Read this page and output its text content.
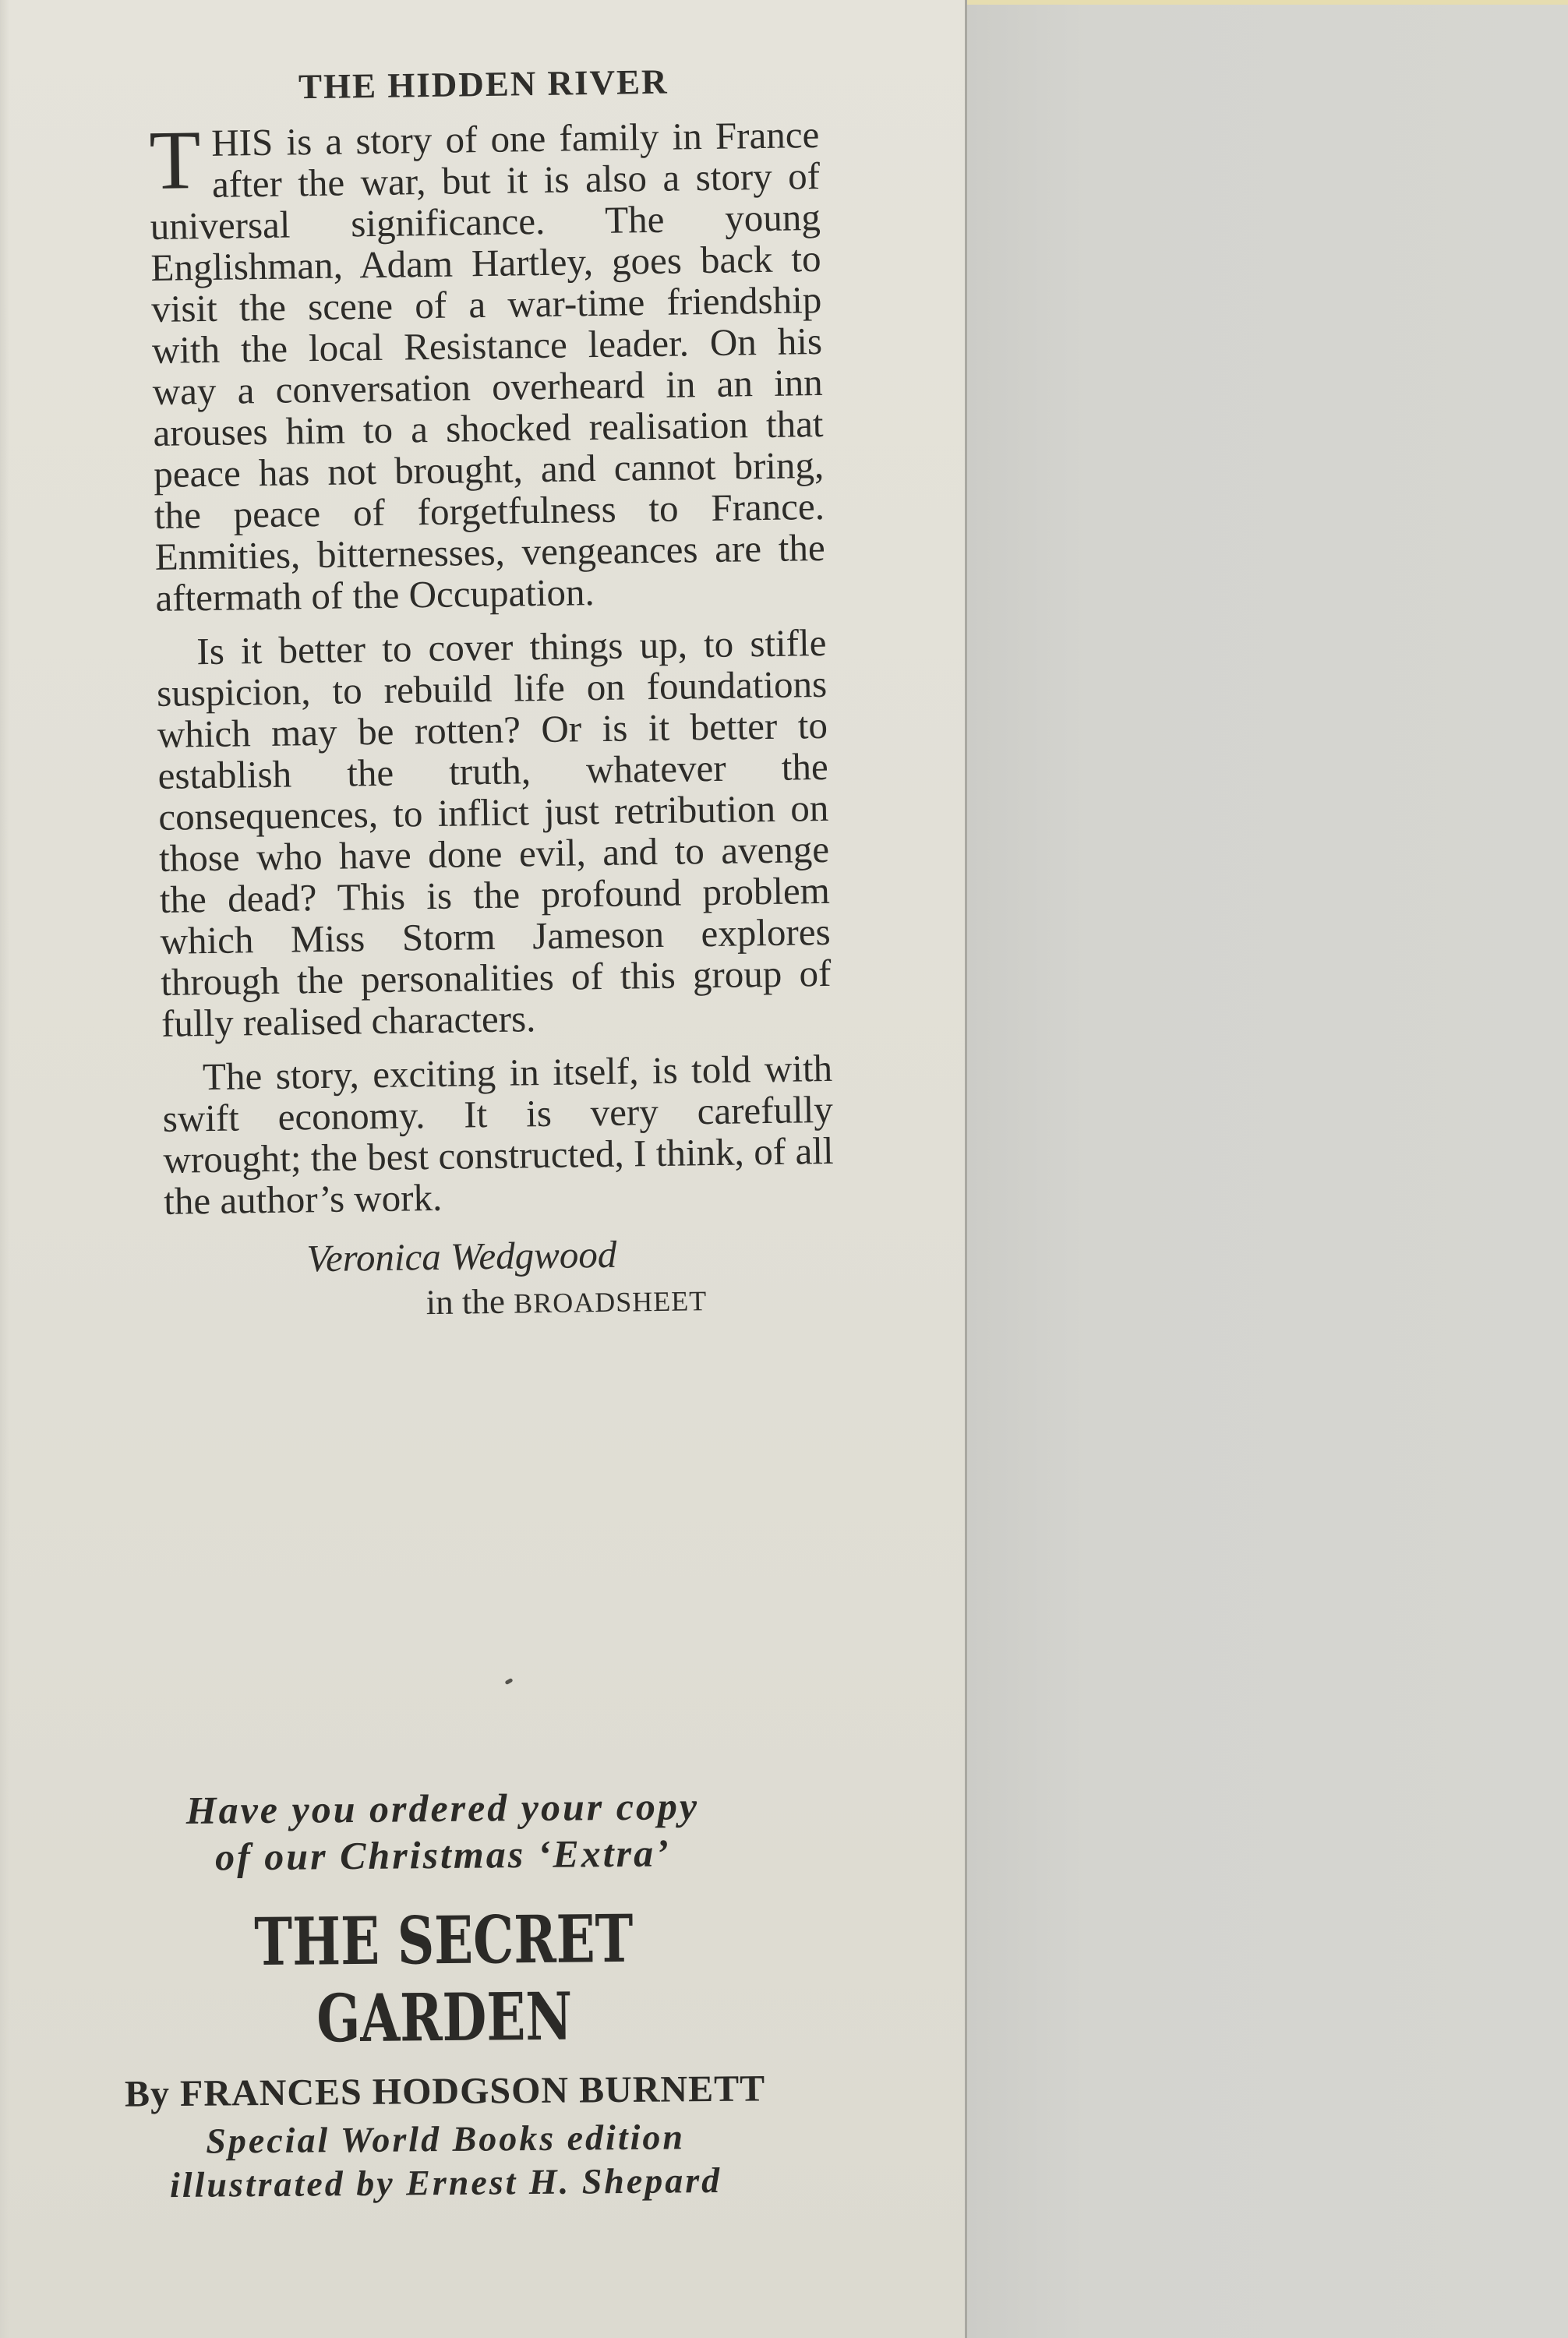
THE HIDDEN RIVER

THIS is a story of one family in France after the war, but it is also a story of universal significance. The young Englishman, Adam Hartley, goes back to visit the scene of a war-time friendship with the local Resistance leader. On his way a conversation overheard in an inn arouses him to a shocked realisation that peace has not brought, and cannot bring, the peace of forgetfulness to France. Enmities, bitternesses, vengeances are the aftermath of the Occupation.

Is it better to cover things up, to stifle suspicion, to rebuild life on foundations which may be rotten? Or is it better to establish the truth, whatever the consequences, to inflict just retribution on those who have done evil, and to avenge the dead? This is the profound problem which Miss Storm Jameson explores through the personalities of this group of fully realised characters.

The story, exciting in itself, is told with swift economy. It is very carefully wrought; the best constructed, I think, of all the author’s work.

Veronica Wedgwood
in the BROADSHEET
Have you ordered your copy
of our Christmas ‘Extra’
THE SECRET GARDEN
By FRANCES HODGSON BURNETT
Special World Books edition
illustrated by Ernest H. Shepard
